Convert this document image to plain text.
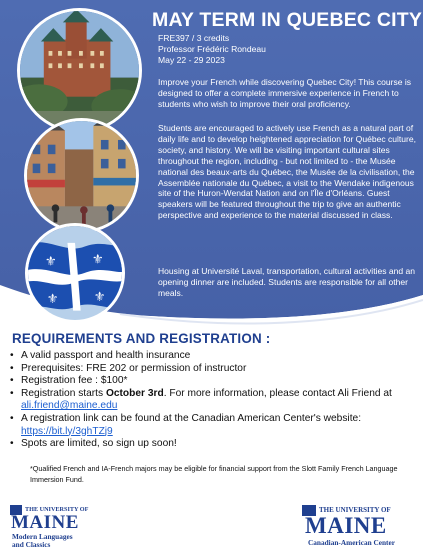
⚜	⚜
⚜	⚜
MAY TERM IN QUEBEC CITY
FRE397 / 3 credits
Professor Frédéric Rondeau
May 22 - 29 2023

Improve your French while discovering Quebec City! This course is designed to offer a complete immersive experience in French to students who wish to improve their oral proficiency.

Students are encouraged to actively use French as a natural part of daily life and to develop heightened appreciation for Québec culture, society, and history. We will be visiting important cultural sites throughout the region, including - but not limited to - the Musée national des beaux-arts du Québec, the Musée de la civilisation, the Assemblée nationale du Québec, a visit to the Wendake indigenous site of the Huron-Wendat Nation and on l'Île d'Orléans. Guest speakers will be featured throughout the trip to give an authentic perspective and experience to the material discussed in class.

Housing at Université Laval, transportation, cultural activities and an opening dinner are included. Students are responsible for all other meals.

REQUIREMENTS AND REGISTRATION :
• A valid passport and health insurance
• Prerequisites: FRE 202 or permission of instructor
• Registration fee : $100*
• Registration starts October 3rd. For more information, please contact Ali Friend at ali.friend@maine.edu
• A registration link can be found at the Canadian American Center's website:
https://bit.ly/3ghTZj9
• Spots are limited, so sign up soon!
*Qualified French and IA-French majors may be eligible for financial support from the Slott Family French Language Immersion Fund.
THE UNIVERSITY OF
MAINE
Modern Languages
and Classics
THE UNIVERSITY OF
MAINE
Canadian-American Center
